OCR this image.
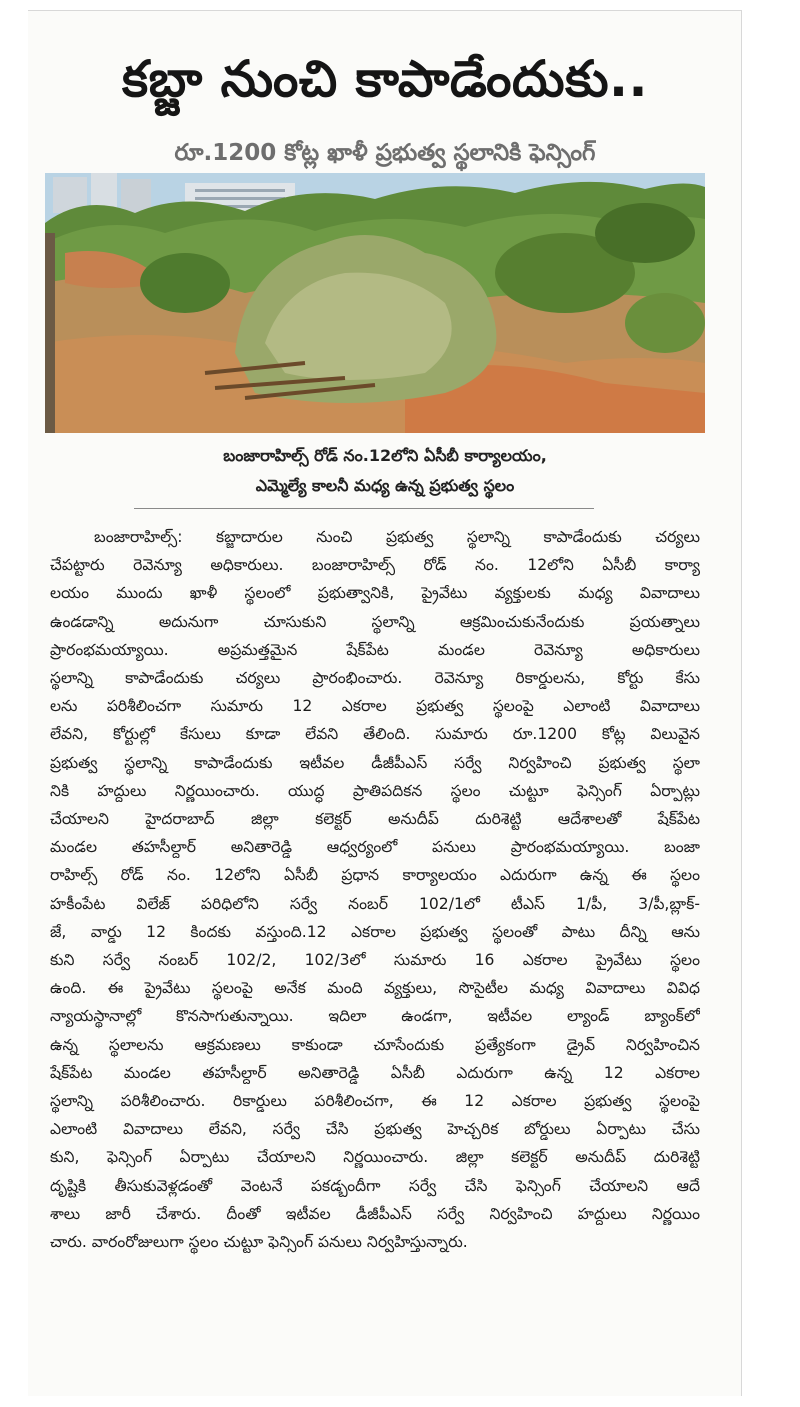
కబ్జా నుంచి కాపాడేందుకు..
రూ.1200 కోట్ల ఖాళీ ప్రభుత్వ స్థలానికి ఫెన్సింగ్
బంజారాహిల్స్ రోడ్ నం.12లోని ఏసీబీ కార్యాలయం,
ఎమ్మెల్యే కాలనీ మధ్య ఉన్న ప్రభుత్వ స్థలం
బంజారాహిల్స్: కబ్జాదారుల నుంచి ప్రభుత్వ స్థలాన్ని కాపాడేందుకు చర్యలు
చేపట్టారు రెవెన్యూ అధికారులు. బంజారాహిల్స్ రోడ్ నం. 12లోని ఏసీబీ కార్యా
లయం ముందు ఖాళీ స్థలంలో ప్రభుత్వానికి, ప్రైవేటు వ్యక్తులకు మధ్య వివాదాలు
ఉండడాన్ని అదునుగా చూసుకుని స్థలాన్ని ఆక్రమించుకునేందుకు ప్రయత్నాలు
ప్రారంభమయ్యాయి. అప్రమత్తమైన షేక్‌పేట మండల రెవెన్యూ అధికారులు
స్థలాన్ని కాపాడేందుకు చర్యలు ప్రారంభించారు. రెవెన్యూ రికార్డులను, కోర్టు కేసు
లను పరిశీలించగా సుమారు 12 ఎకరాల ప్రభుత్వ స్థలంపై ఎలాంటి వివాదాలు
లేవని, కోర్టుల్లో కేసులు కూడా లేవని తేలింది. సుమారు రూ.1200 కోట్ల విలువైన
ప్రభుత్వ స్థలాన్ని కాపాడేందుకు ఇటీవల డీజీపీఎస్ సర్వే నిర్వహించి ప్రభుత్వ స్థలా
నికి హద్దులు నిర్ణయించారు. యుద్ధ ప్రాతిపదికన స్థలం చుట్టూ ఫెన్సింగ్ ఏర్పాట్లు
చేయాలని హైదరాబాద్ జిల్లా కలెక్టర్ అనుదీప్ దురిశెట్టి ఆదేశాలతో షేక్‌పేట
మండల తహసీల్దార్ అనితారెడ్డి ఆధ్వర్యంలో పనులు ప్రారంభమయ్యాయి. బంజా
రాహిల్స్ రోడ్ నం. 12లోని ఏసీబీ ప్రధాన కార్యాలయం ఎదురుగా ఉన్న ఈ స్థలం
హకీంపేట విలేజ్ పరిధిలోని సర్వే నంబర్ 102/1లో టీఎస్ 1/పీ, 3/పీ,బ్లాక్-
జే, వార్డు 12 కిందకు వస్తుంది.12 ఎకరాల ప్రభుత్వ స్థలంతో పాటు దీన్ని ఆను
కుని సర్వే నంబర్ 102/2, 102/3లో సుమారు 16 ఎకరాల ప్రైవేటు స్థలం
ఉంది. ఈ ప్రైవేటు స్థలంపై అనేక మంది వ్యక్తులు, సొసైటీల మధ్య వివాదాలు వివిధ
న్యాయస్థానాల్లో కొనసాగుతున్నాయి. ఇదిలా ఉండగా, ఇటీవల ల్యాండ్ బ్యాంక్‌లో
ఉన్న స్థలాలను ఆక్రమణలు కాకుండా చూసేందుకు ప్రత్యేకంగా డ్రైవ్ నిర్వహించిన
షేక్‌పేట మండల తహసీల్దార్ అనితారెడ్డి ఏసీబీ ఎదురుగా ఉన్న 12 ఎకరాల
స్థలాన్ని పరిశీలించారు. రికార్డులు పరిశీలించగా, ఈ 12 ఎకరాల ప్రభుత్వ స్థలంపై
ఎలాంటి వివాదాలు లేవని, సర్వే చేసి ప్రభుత్వ హెచ్చరిక బోర్డులు ఏర్పాటు చేసు
కుని, ఫెన్సింగ్ ఏర్పాటు చేయాలని నిర్ణయించారు. జిల్లా కలెక్టర్ అనుదీప్ దురిశెట్టి
దృష్టికి తీసుకువెళ్లడంతో వెంటనే పకడ్బందీగా సర్వే చేసి ఫెన్సింగ్ చేయాలని ఆదే
శాలు జారీ చేశారు. దీంతో ఇటీవల డీజీపీఎస్ సర్వే నిర్వహించి హద్దులు నిర్ణయిం
చారు. వారంరోజులుగా స్థలం చుట్టూ ఫెన్సింగ్ పనులు నిర్వహిస్తున్నారు.
